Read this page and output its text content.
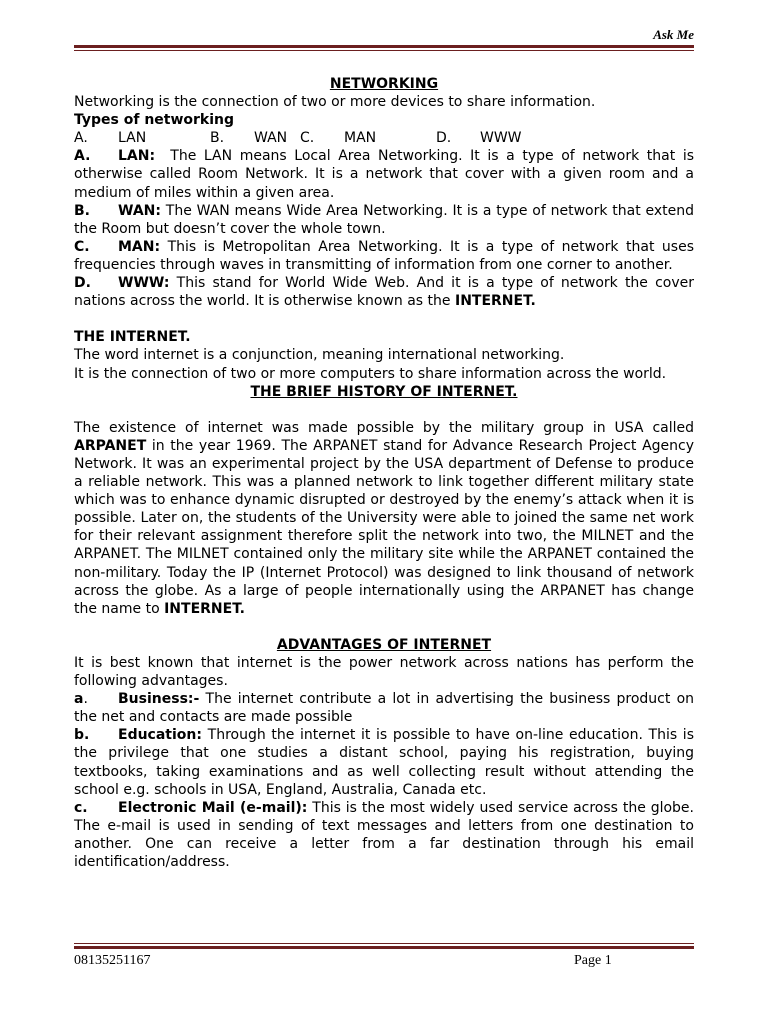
Ask Me

NETWORKING

Networking is the connection of two or more devices to share information.

Types of networking

A. LAN	B. WAN C. MAN	D. WWW

A. LAN: The LAN means Local Area Networking. It is a type of network that is otherwise called Room Network. It is a network that cover with a given room and a medium of miles within a given area.

B. WAN: The WAN means Wide Area Networking. It is a type of network that extend the Room but doesn’t cover the whole town.

C. MAN: This is Metropolitan Area Networking. It is a type of network that uses frequencies through waves in transmitting of information from one corner to another.

D. WWW: This stand for World Wide Web. And it is a type of network the cover nations across the world. It is otherwise known as the INTERNET.

THE INTERNET.

The word internet is a conjunction, meaning international networking.

It is the connection of two or more computers to share information across the world.

THE BRIEF HISTORY OF INTERNET.

The existence of internet was made possible by the military group in USA called ARPANET in the year 1969. The ARPANET stand for Advance Research Project Agency Network. It was an experimental project by the USA department of Defense to produce a reliable network. This was a planned network to link together different military state which was to enhance dynamic disrupted or destroyed by the enemy’s attack when it is possible. Later on, the students of the University were able to joined the same net work for their relevant assignment therefore split the network into two, the MILNET and the ARPANET. The MILNET contained only the military site while the ARPANET contained the non-military. Today the IP (Internet Protocol) was designed to link thousand of network across the globe. As a large of people internationally using the ARPANET has change the name to INTERNET.

ADVANTAGES OF INTERNET

It is best known that internet is the power network across nations has perform the following advantages.

a. Business:- The internet contribute a lot in advertising the business product on the net and contacts are made possible

b. Education: Through the internet it is possible to have on-line education. This is the privilege that one studies a distant school, paying his registration, buying textbooks, taking examinations and as well collecting result without attending the school e.g. schools in USA, England, Australia, Canada etc.

c. Electronic Mail (e-mail): This is the most widely used service across the globe. The e-mail is used in sending of text messages and letters from one destination to another. One can receive a letter from a far destination through his email identification/address.

08135251167	Page 1
